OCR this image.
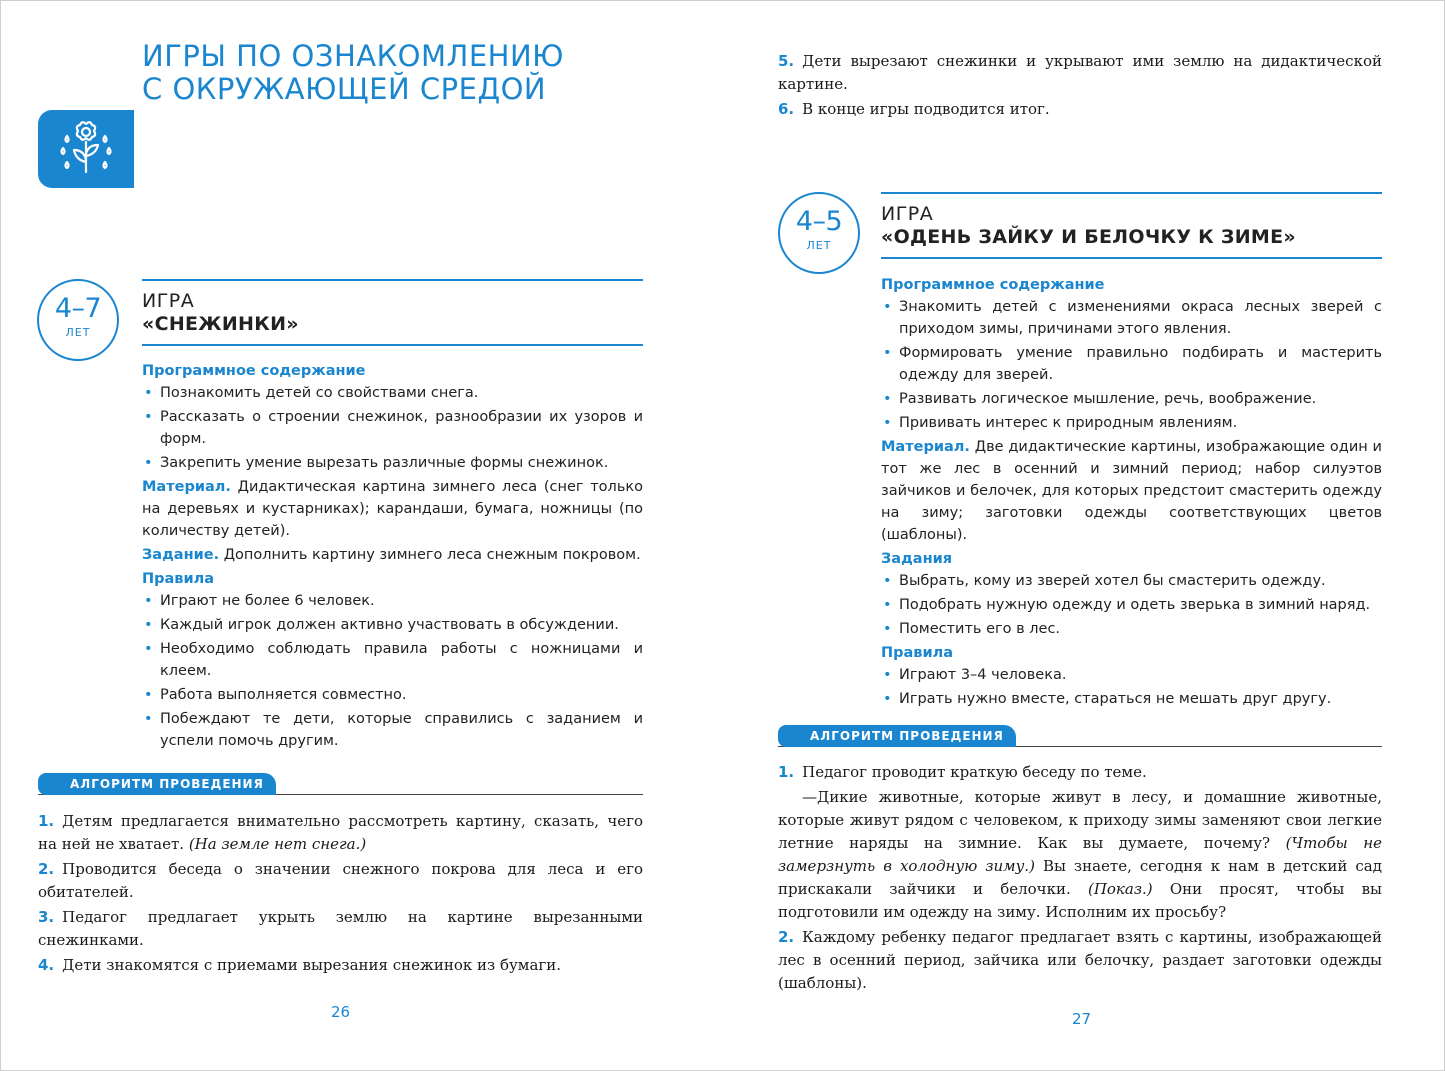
ИГРЫ ПО ОЗНАКОМЛЕНИЮ
С ОКРУЖАЮЩЕЙ СРЕДОЙ
4–7
ЛЕТ
ИГРА
«СНЕЖИНКИ»
Программное содержание
• Познакомить детей со свойствами снега.
• Рассказать о строении снежинок, разнообразии их узоров и форм.
• Закрепить умение вырезать различные формы снежинок.

Материал. Дидактическая картина зимнего леса (снег только на деревьях и кустарниках); карандаши, бумага, ножницы (по количеству детей).

Задание. Дополнить картину зимнего леса снежным покровом.

Правила
• Играют не более 6 человек.
• Каждый игрок должен активно участвовать в обсуждении.
• Необходимо соблюдать правила работы с ножницами и клеем.
• Работа выполняется совместно.
• Побеждают те дети, которые справились с заданием и успели помочь другим.
АЛГОРИТМ ПРОВЕДЕНИЯ

1. Детям предлагается внимательно рассмотреть картину, сказать, чего на ней не хватает. (На земле нет снега.)

2. Проводится беседа о значении снежного покрова для леса и его обитателей.

3. Педагог предлагает укрыть землю на картине вырезанными снежинками.

4. Дети знакомятся с приемами вырезания снежинок из бумаги.

26

5. Дети вырезают снежинки и укрывают ими землю на дидактической картине.

6. В конце игры подводится итог.

4–5
ЛЕТ
ИГРА
«ОДЕНЬ ЗАЙКУ И БЕЛОЧКУ К ЗИМЕ»
Программное содержание
• Знакомить детей с изменениями окраса лесных зверей с приходом зимы, причинами этого явления.
• Формировать умение правильно подбирать и мастерить одежду для зверей.
• Развивать логическое мышление, речь, воображение.
• Прививать интерес к природным явлениям.

Материал. Две дидактические картины, изображающие один и тот же лес в осенний и зимний период; набор силуэтов зайчиков и белочек, для которых предстоит смастерить одежду на зиму; заготовки одежды соответствующих цветов (шаблоны).

Задания
• Выбрать, кому из зверей хотел бы смастерить одежду.
• Подобрать нужную одежду и одеть зверька в зимний наряд.
• Поместить его в лес.
Правила
• Играют 3–4 человека.
• Играть нужно вместе, стараться не мешать друг другу.
АЛГОРИТМ ПРОВЕДЕНИЯ

1. Педагог проводит краткую беседу по теме.

—Дикие животные, которые живут в лесу, и домашние животные, которые живут рядом с человеком, к приходу зимы заменяют свои легкие летние наряды на зимние. Как вы думаете, почему? (Чтобы не замерзнуть в холодную зиму.) Вы знаете, сегодня к нам в детский сад прискакали зайчики и белочки. (Показ.) Они просят, чтобы вы подготовили им одежду на зиму. Исполним их просьбу?

2. Каждому ребенку педагог предлагает взять с картины, изображающей лес в осенний период, зайчика или белочку, раздает заготовки одежды (шаблоны).

27
